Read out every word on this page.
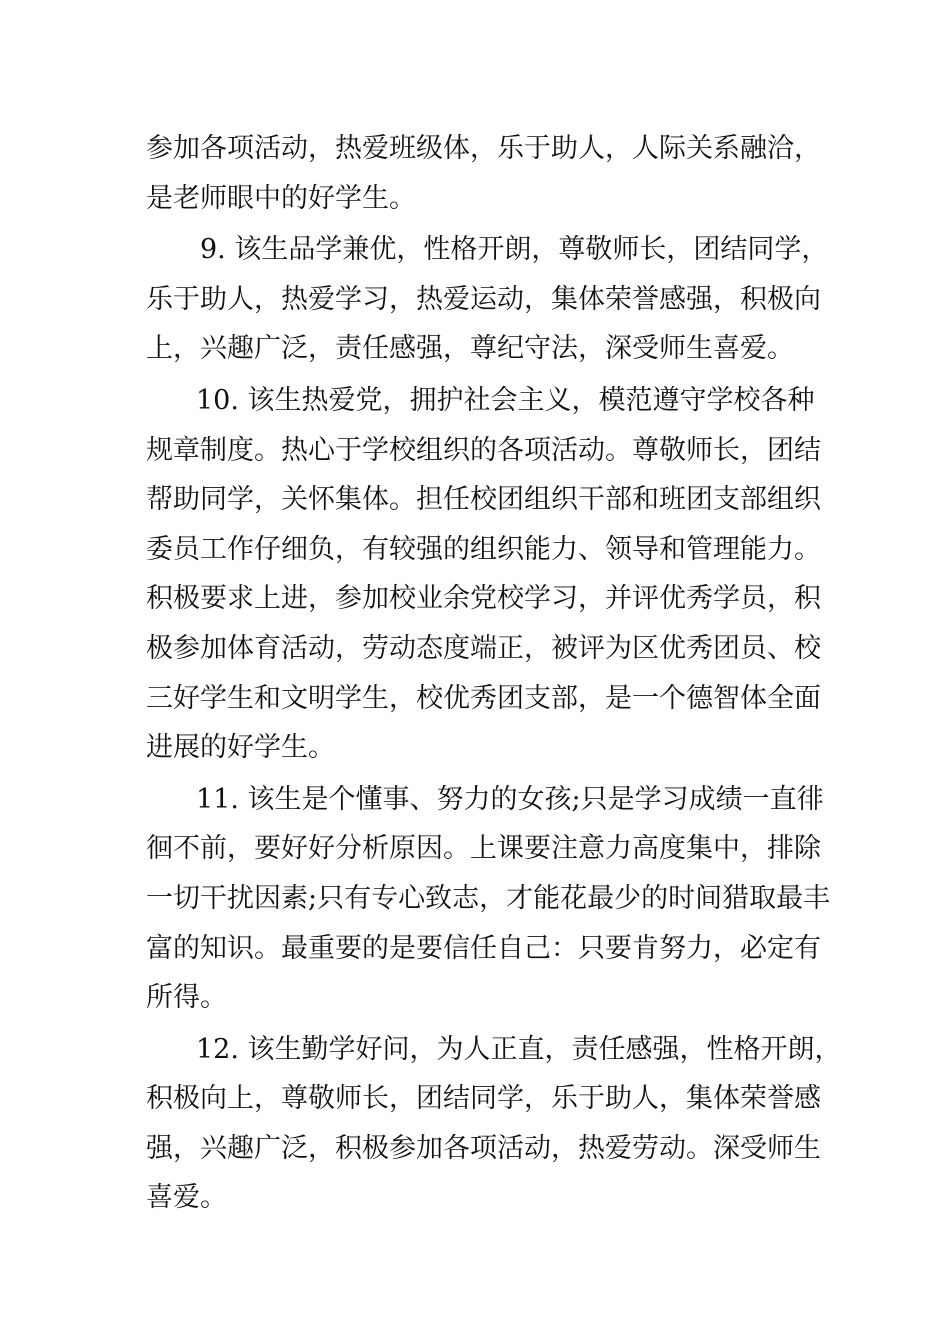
参加各项活动，热爱班级体，乐于助人，人际关系融洽，
是老师眼中的好学生。
9. 该生品学兼优，性格开朗，尊敬师长，团结同学，
乐于助人，热爱学习，热爱运动，集体荣誉感强，积极向
上，兴趣广泛，责任感强，尊纪守法，深受师生喜爱。
10. 该生热爱党，拥护社会主义，模范遵守学校各种
规章制度。热心于学校组织的各项活动。尊敬师长，团结
帮助同学，关怀集体。担任校团组织干部和班团支部组织
委员工作仔细负，有较强的组织能力、领导和管理能力。
积极要求上进，参加校业余党校学习，并评优秀学员，积
极参加体育活动，劳动态度端正，被评为区优秀团员、校
三好学生和文明学生，校优秀团支部，是一个德智体全面
进展的好学生。
11. 该生是个懂事、努力的女孩;只是学习成绩一直徘
徊不前，要好好分析原因。上课要注意力高度集中，排除
一切干扰因素;只有专心致志，才能花最少的时间猎取最丰
富的知识。最重要的是要信任自己：只要肯努力，必定有
所得。
12. 该生勤学好问，为人正直，责任感强，性格开朗，
积极向上，尊敬师长，团结同学，乐于助人，集体荣誉感
强，兴趣广泛，积极参加各项活动，热爱劳动。深受师生
喜爱。
